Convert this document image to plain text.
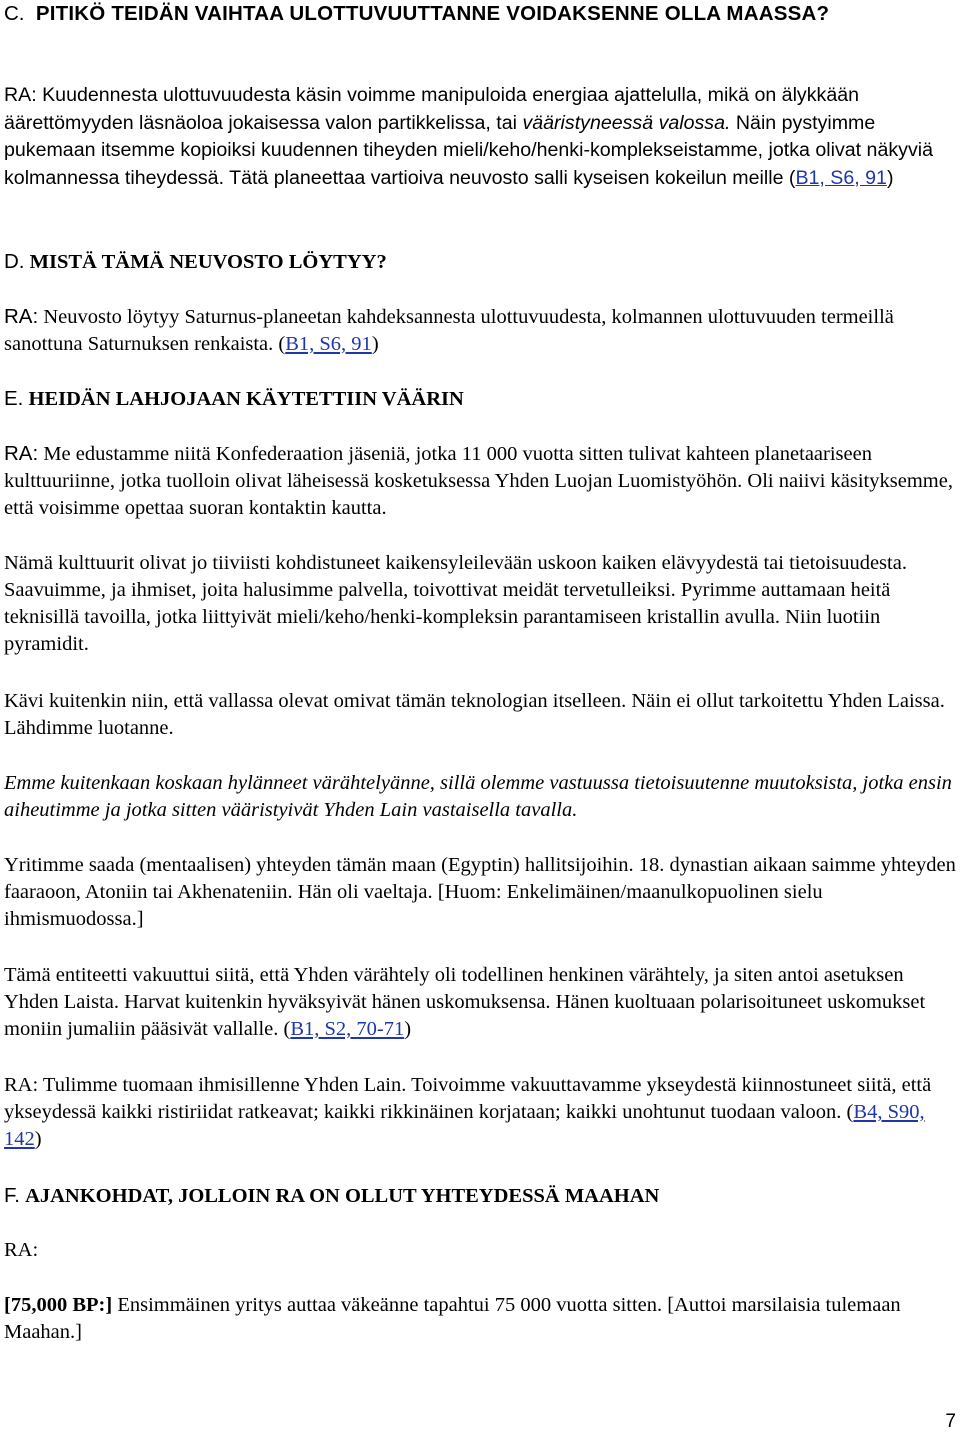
C. PITIKÖ TEIDÄN VAIHTAA ULOTTUVUUTTANNE VOIDAKSENNE OLLA MAASSA?

RA: Kuudennesta ulottuvuudesta käsin voimme manipuloida energiaa ajattelulla, mikä on älykkään äärettömyyden läsnäoloa jokaisessa valon partikkelissa, tai vääristyneessä valossa. Näin pystyimme pukemaan itsemme kopioiksi kuudennen tiheyden mieli/keho/henki-komplekseistamme, jotka olivat näkyviä kolmannessa tiheydessä. Tätä planeettaa vartioiva neuvosto salli kyseisen kokeilun meille (B1, S6, 91)

D. MISTÄ TÄMÄ NEUVOSTO LÖYTYY?

RA: Neuvosto löytyy Saturnus-planeetan kahdeksannesta ulottuvuudesta, kolmannen ulottuvuuden termeillä sanottuna Saturnuksen renkaista. (B1, S6, 91)

E. HEIDÄN LAHJOJAAN KÄYTETTIIN VÄÄRIN

RA: Me edustamme niitä Konfederaation jäseniä, jotka 11 000 vuotta sitten tulivat kahteen planetaariseen kulttuuriinne, jotka tuolloin olivat läheisessä kosketuksessa Yhden Luojan Luomistyöhön. Oli naiivi käsityksemme, että voisimme opettaa suoran kontaktin kautta.

Nämä kulttuurit olivat jo tiiviisti kohdistuneet kaikensyleilevään uskoon kaiken elävyydestä tai tietoisuudesta. Saavuimme, ja ihmiset, joita halusimme palvella, toivottivat meidät tervetulleiksi. Pyrimme auttamaan heitä teknisillä tavoilla, jotka liittyivät mieli/keho/henki-kompleksin parantamiseen kristallin avulla. Niin luotiin pyramidit.

Kävi kuitenkin niin, että vallassa olevat omivat tämän teknologian itselleen. Näin ei ollut tarkoitettu Yhden Laissa. Lähdimme luotanne.

Emme kuitenkaan koskaan hylänneet värähtelyänne, sillä olemme vastuussa tietoisuutenne muutoksista, jotka ensin aiheutimme ja jotka sitten vääristyivät Yhden Lain vastaisella tavalla.

Yritimme saada (mentaalisen) yhteyden tämän maan (Egyptin) hallitsijoihin. 18. dynastian aikaan saimme yhteyden faaraoon, Atoniin tai Akhenateniin. Hän oli vaeltaja. [Huom: Enkelimäinen/maanulkopuolinen sielu ihmismuodossa.]

Tämä entiteetti vakuuttui siitä, että Yhden värähtely oli todellinen henkinen värähtely, ja siten antoi asetuksen Yhden Laista. Harvat kuitenkin hyväksyivät hänen uskomuksensa. Hänen kuoltuaan polarisoituneet uskomukset moniin jumaliin pääsivät vallalle. (B1, S2, 70-71)

RA: Tulimme tuomaan ihmisillenne Yhden Lain. Toivoimme vakuuttavamme ykseydestä kiinnostuneet siitä, että ykseydessä kaikki ristiriidat ratkeavat; kaikki rikkinäinen korjataan; kaikki unohtunut tuodaan valoon. (B4, S90, 142)

F. AJANKOHDAT, JOLLOIN RA ON OLLUT YHTEYDESSÄ MAAHAN

RA:

[75,000 BP:] Ensimmäinen yritys auttaa väkeänne tapahtui 75 000 vuotta sitten. [Auttoi marsilaisia tulemaan Maahan.]

7
